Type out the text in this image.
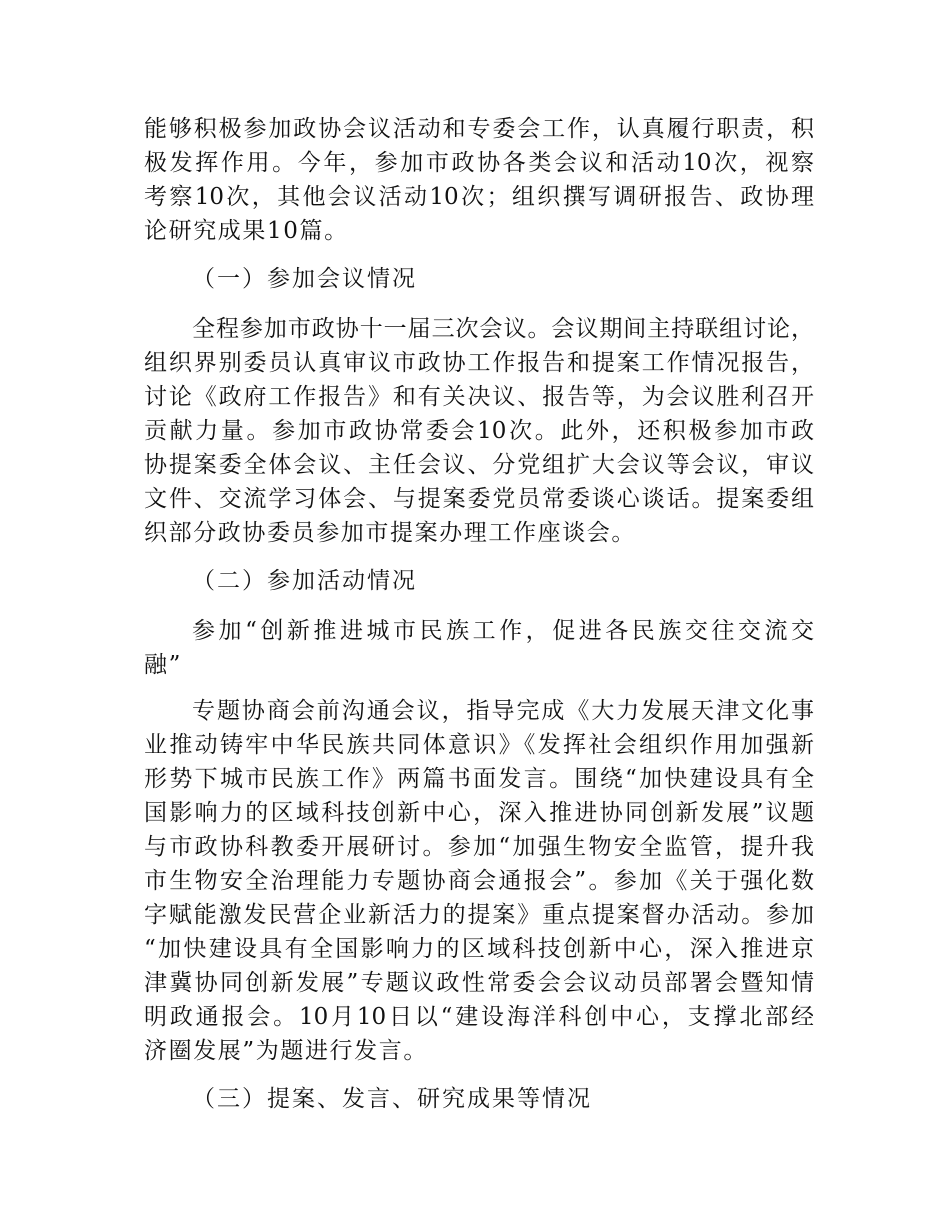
能够积极参加政协会议活动和专委会工作，认真履行职责，积
极发挥作用。今年，参加市政协各类会议和活动10次，视察
考察10次，其他会议活动10次；组织撰写调研报告、政协理
论研究成果10篇。
（一）参加会议情况
全程参加市政协十一届三次会议。会议期间主持联组讨论，
组织界别委员认真审议市政协工作报告和提案工作情况报告，
讨论《政府工作报告》和有关决议、报告等，为会议胜利召开
贡献力量。参加市政协常委会10次。此外，还积极参加市政
协提案委全体会议、主任会议、分党组扩大会议等会议，审议
文件、交流学习体会、与提案委党员常委谈心谈话。提案委组
织部分政协委员参加市提案办理工作座谈会。
（二）参加活动情况
参加“创新推进城市民族工作，促进各民族交往交流交
融”
专题协商会前沟通会议，指导完成《大力发展天津文化事
业推动铸牢中华民族共同体意识》《发挥社会组织作用加强新
形势下城市民族工作》两篇书面发言。围绕“加快建设具有全
国影响力的区域科技创新中心，深入推进协同创新发展”议题
与市政协科教委开展研讨。参加“加强生物安全监管，提升我
市生物安全治理能力专题协商会通报会”。参加《关于强化数
字赋能激发民营企业新活力的提案》重点提案督办活动。参加
“加快建设具有全国影响力的区域科技创新中心，深入推进京
津冀协同创新发展”专题议政性常委会会议动员部署会暨知情
明政通报会。10月10日以“建设海洋科创中心，支撑北部经
济圈发展”为题进行发言。
（三）提案、发言、研究成果等情况
